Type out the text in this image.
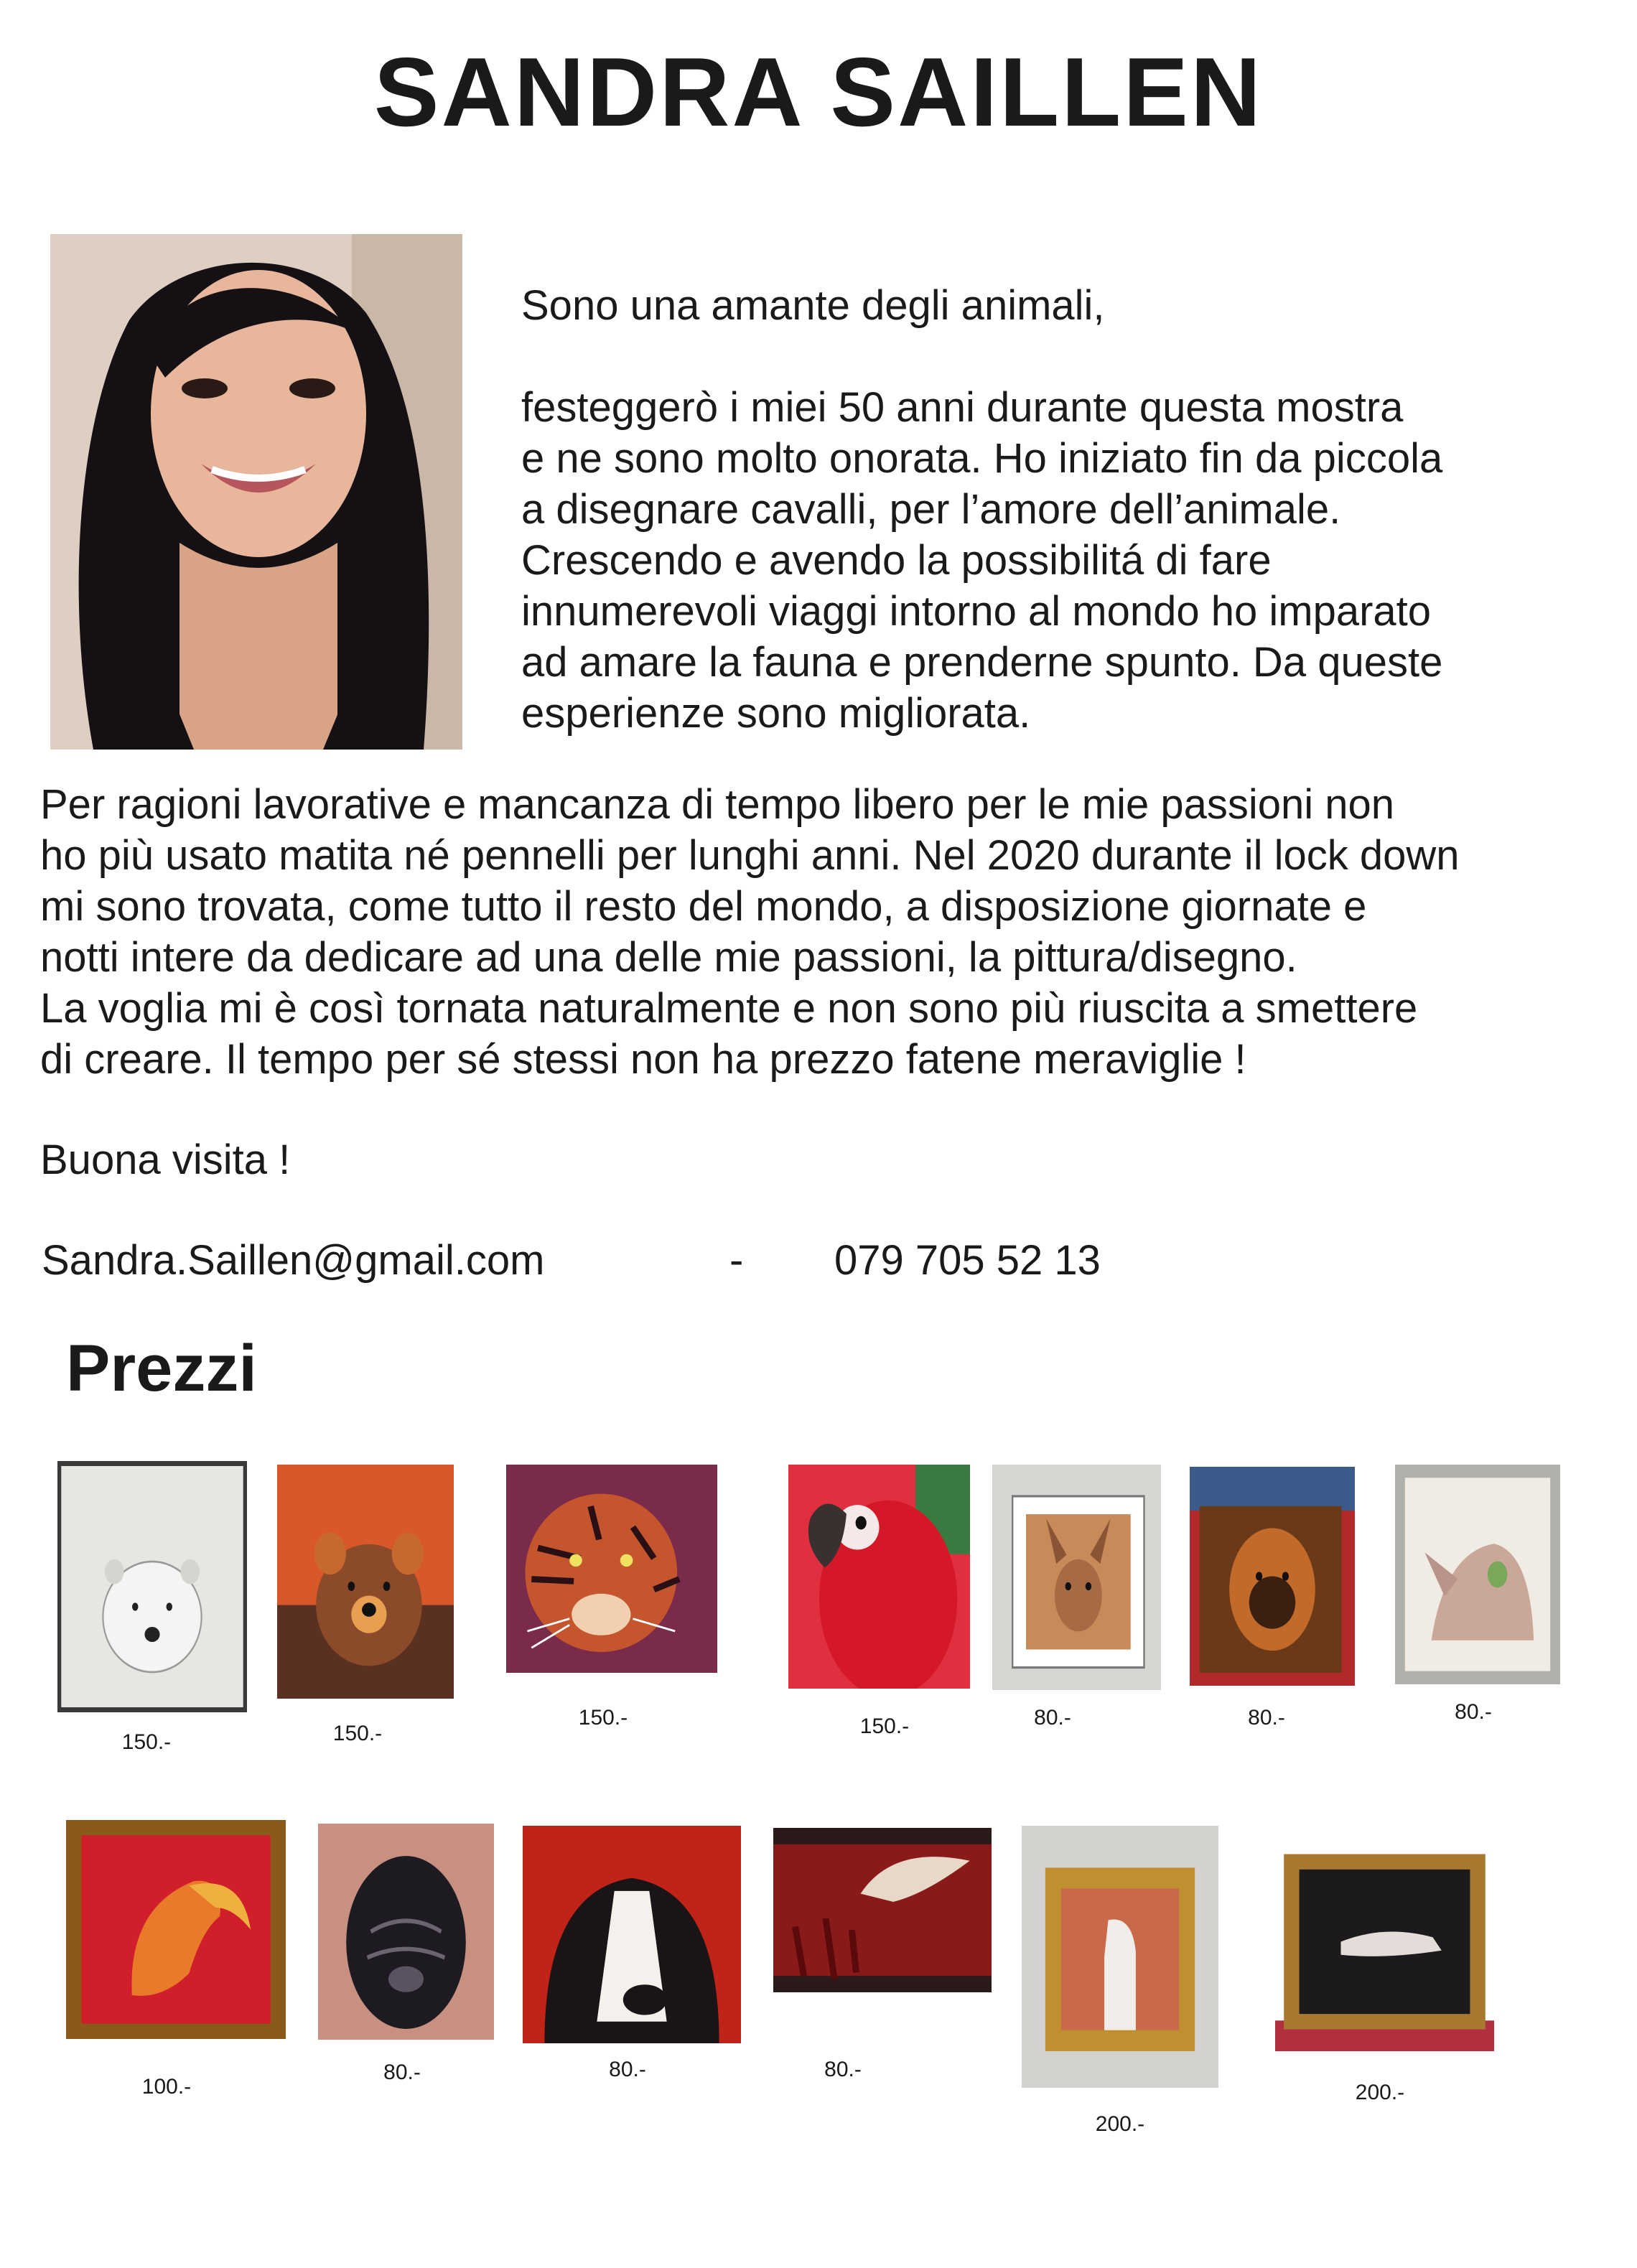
SANDRA SAILLEN

Sono una amante degli animali,

festeggerò i miei 50 anni durante questa mostra

e ne sono molto onorata. Ho iniziato fin da piccola

a disegnare cavalli, per l’amore dell’animale.

Crescendo e avendo la possibilitá di fare

innumerevoli viaggi intorno al mondo ho imparato

ad amare la fauna e prenderne spunto. Da queste

esperienze sono migliorata.

Per ragioni lavorative e mancanza di tempo libero per le mie passioni non

ho più usato matita né pennelli per lunghi anni. Nel 2020 durante il lock down

mi sono trovata, come tutto il resto del mondo, a disposizione giornate e

notti intere da dedicare ad una delle mie passioni, la pittura/disegno.

La voglia mi è così tornata naturalmente e non sono più riuscita a smettere

di creare. Il tempo per sé stessi non ha prezzo fatene meraviglie !

Buona visita !
Sandra.Saillen@gmail.com	- 079 705 52 13
Prezzi
150.-	150.-
150.-	150.-	80.-	80.-	80.-
100.-
80.-	80.-	80.-
200.-
200.-
